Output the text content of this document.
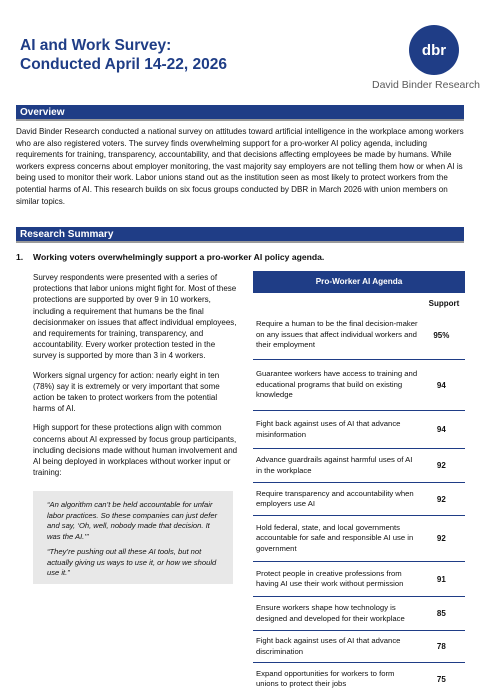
AI and Work Survey:
Conducted April 14-22, 2026
dbr
David Binder Research
Overview

David Binder Research conducted a national survey on attitudes toward artificial intelligence in the workplace among workers who are also registered voters. The survey finds overwhelming support for a pro-worker AI policy agenda, including requirements for training, transparency, accountability, and that decisions affecting employees be made by humans. While workers express concerns about employer monitoring, the vast majority say employers are not telling them how or when AI is being used to monitor their work. Labor unions stand out as the institution seen as most likely to protect workers from the potential harms of AI. This research builds on six focus groups conducted by DBR in March 2026 with union members on similar topics.

Research Summary
1. Working voters overwhelmingly support a pro-worker AI policy agenda.

Survey respondents were presented with a series of protections that labor unions might fight for. Most of these protections are supported by over 9 in 10 workers, including a requirement that humans be the final decisionmaker on issues that affect individual employees, and requirements for training, transparency, and accountability. Every worker protection tested in the survey is supported by more than 3 in 4 workers.

Workers signal urgency for action: nearly eight in ten (78%) say it is extremely or very important that some action be taken to protect workers from the potential harms of AI.

High support for these protections align with common concerns about AI expressed by focus group participants, including decisions made without human involvement and AI being deployed in workplaces without worker input or training:

“An algorithm can’t be held accountable for unfair labor practices. So these companies can just defer and say, ‘Oh, well, nobody made that decision. It was the AI.’”

“They’re pushing out all these AI tools, but not actually giving us ways to use it, or how we should use it.”

Pro-Worker AI Agenda
Support
Require a human to be the final decision-maker on any issues that affect individual workers and their employment
95%
Guarantee workers have access to training and educational programs that build on existing knowledge
94
Fight back against uses of AI that advance misinformation	94
Advance guardrails against harmful uses of AI in the workplace	92
Require transparency and accountability when employers use AI	92
Hold federal, state, and local governments accountable for safe and responsible AI use in government
92
Protect people in creative professions from having AI use their work without permission	91
Ensure workers shape how technology is designed and developed for their workplace	85
Fight back against uses of AI that advance discrimination	78
Expand opportunities for workers to form unions to protect their jobs	75
